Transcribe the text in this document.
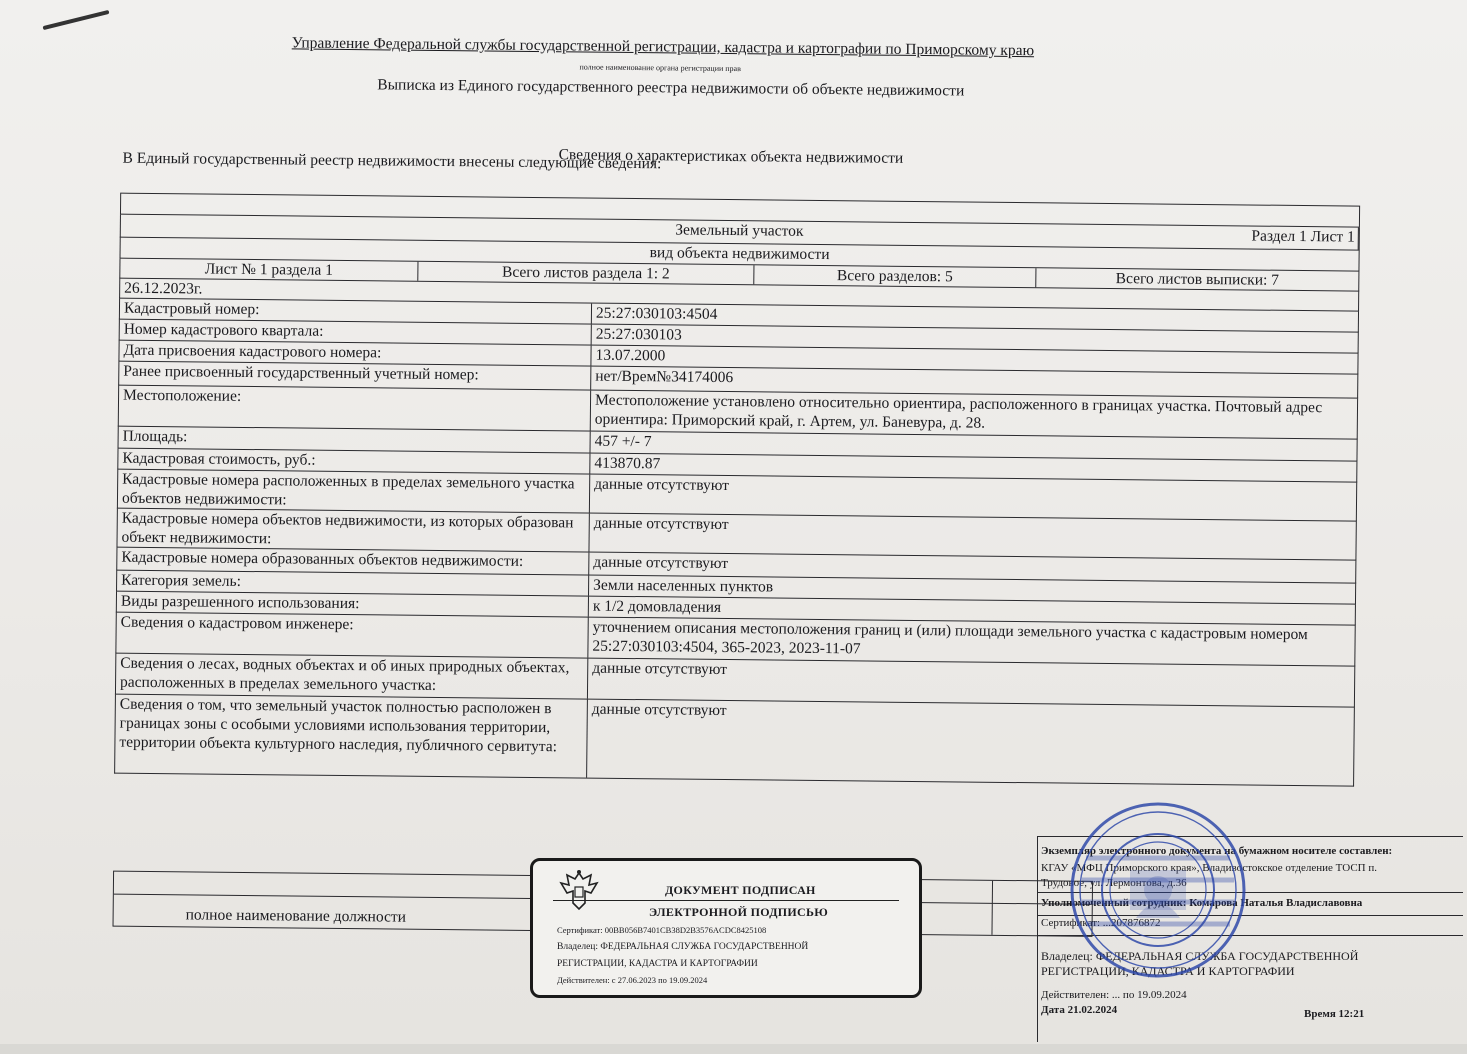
Управление Федеральной службы государственной регистрации, кадастра и картографии по Приморскому краю
полное наименование органа регистрации прав
Выписка из Единого государственного реестра недвижимости об объекте недвижимости
Сведения о характеристиках объекта недвижимости
В Единый государственный реестр недвижимости внесены следующие сведения:
Земельный участок	Раздел 1 Лист 1
вид объекта недвижимости
Лист № 1 раздела 1	Всего листов раздела 1: 2	Всего разделов: 5	Всего листов выписки: 7
26.12.2023г.
Кадастровый номер:	25:27:030103:4504
Номер кадастрового квартала:	25:27:030103
Дата присвоения кадастрового номера:	13.07.2000
Ранее присвоенный государственный учетный номер:	нет/Врем№34174006
Местоположение:	Местоположение установлено относительно ориентира, расположенного в границах участка. Почтовый адрес ориентира: Приморский край, г. Артем, ул. Баневура, д. 28.
Площадь:	457 +/- 7
Кадастровая стоимость, руб.:	413870.87
Кадастровые номера расположенных в пределах земельного участка объектов недвижимости:
данные отсутствуют
Кадастровые номера объектов недвижимости, из которых образован объект недвижимости:
данные отсутствуют
Кадастровые номера образованных объектов недвижимости:	данные отсутствуют
Категория земель:	Земли населенных пунктов
Виды разрешенного использования:	к 1/2 домовладения
Сведения о кадастровом инженере:	уточнением описания местоположения границ и (или) площади земельного участка с кадастровым номером 25:27:030103:4504, 365-2023, 2023-11-07
Сведения о лесах, водных объектах и об иных природных объектах, расположенных в пределах земельного участка:
данные отсутствуют
Сведения о том, что земельный участок полностью расположен в границах зоны с особыми условиями использования территории, территории объекта культурного наследия, публичного сервитута:
данные отсутствуют
полное наименование должности
ДОКУМЕНТ ПОДПИСАН
ЭЛЕКТРОННОЙ ПОДПИСЬЮ
Сертификат: 00BB056B7401CB38D2B3576ACDC8425108
Владелец: ФЕДЕРАЛЬНАЯ СЛУЖБА ГОСУДАРСТВЕННОЙ
РЕГИСТРАЦИИ, КАДАСТРА И КАРТОГРАФИИ
Действителен: с 27.06.2023 по 19.09.2024
Экземпляр электронного документа на бумажном носителе составлен:
КГАУ «МФЦ Приморского края», Владивостокское отделение ТОСП п.
Трудовое, ул. Лермонтова, д.36
Уполномоченный сотрудник: Комарова Наталья Владиславовна
Сертификат: ...207876872
Владелец: ФЕДЕРАЛЬНАЯ СЛУЖБА ГОСУДАРСТВЕННОЙ
РЕГИСТРАЦИИ, КАДАСТРА И КАРТОГРАФИИ
Действителен: ... по 19.09.2024
Дата 21.02.2024	Время 12:21
